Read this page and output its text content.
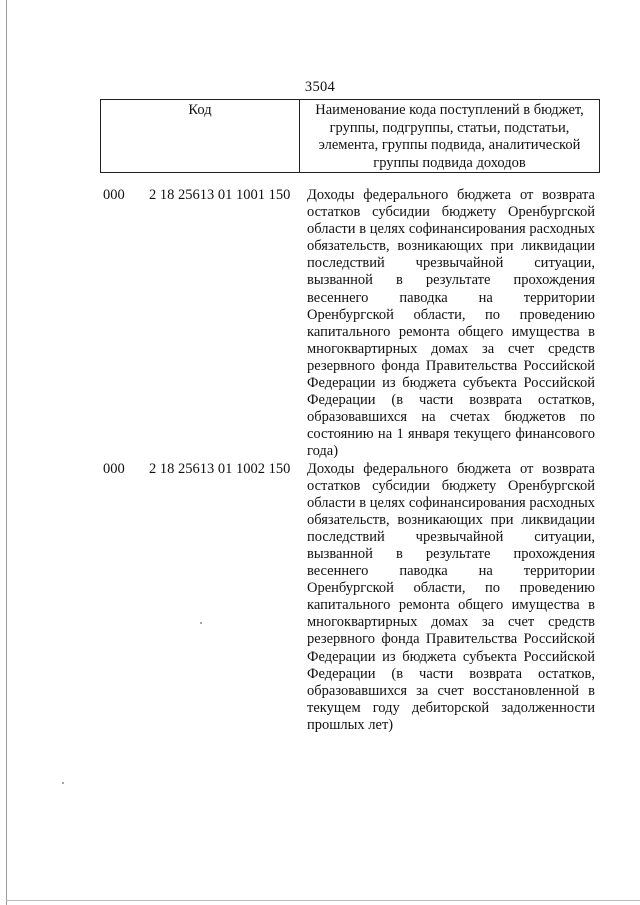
3504
Код	Наименование кода поступлений в бюджет, группы, подгруппы, статьи, подстатьи, элемента, группы подвида, аналитической группы подвида доходов
000	2 18 25613 01 1001 150	Доходы федерального бюджета от возврата остатков субсидии бюджету Оренбургской области в целях софинансирования расходных обязательств, возникающих при ликвидации последствий чрезвычайной ситуации, вызванной в результате прохождения весеннего паводка на территории Оренбургской области, по проведению капитального ремонта общего имущества в многоквартирных домах за счет средств резервного фонда Правительства Российской Федерации из бюджета субъекта Российской Федерации (в части возврата остатков, образовавшихся на счетах бюджетов по состоянию на 1 января текущего финансового года)
000	2 18 25613 01 1002 150	Доходы федерального бюджета от возврата остатков субсидии бюджету Оренбургской области в целях софинансирования расходных обязательств, возникающих при ликвидации последствий чрезвычайной ситуации, вызванной в результате прохождения весеннего паводка на территории Оренбургской области, по проведению капитального ремонта общего имущества в многоквартирных домах за счет средств резервного фонда Правительства Российской Федерации из бюджета субъекта Российской Федерации (в части возврата остатков, образовавшихся за счет восстановленной в текущем году дебиторской задолженности прошлых лет)
